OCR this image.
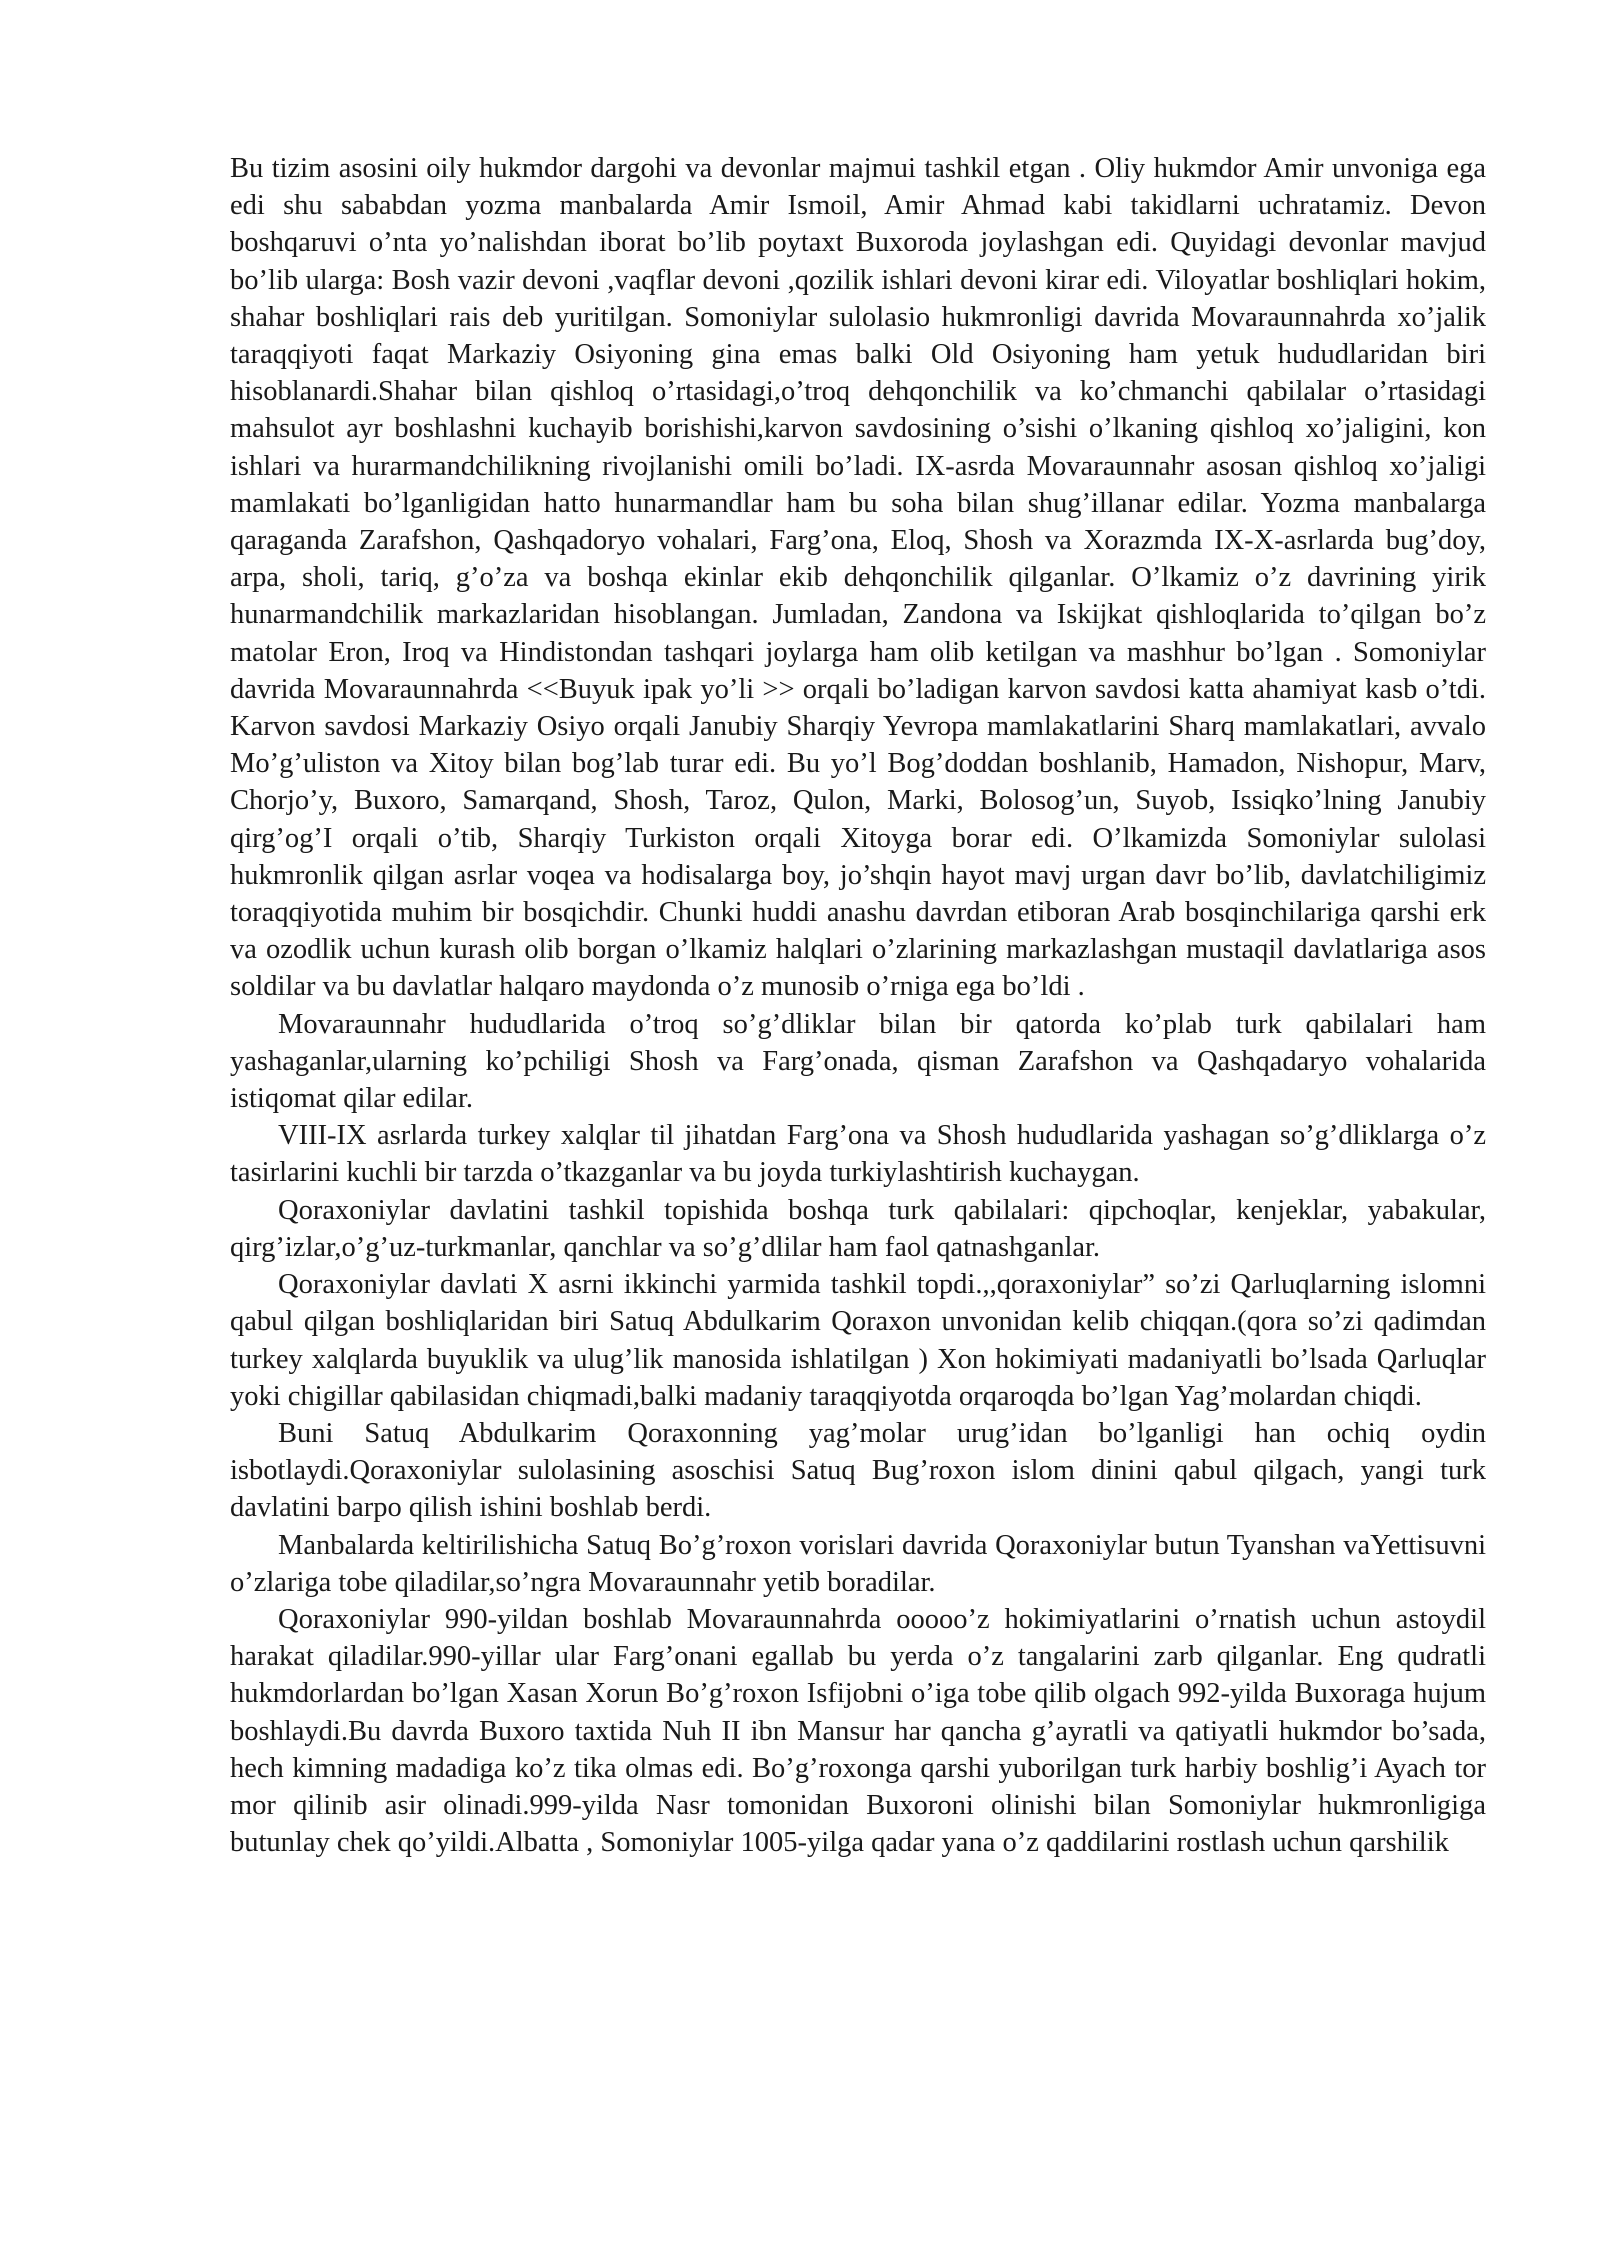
Bu tizim asosini oily hukmdor dargohi va devonlar majmui tashkil etgan . Oliy hukmdor Amir unvoniga ega edi shu sababdan yozma manbalarda Amir Ismoil, Amir Ahmad kabi takidlarni uchratamiz. Devon boshqaruvi o’nta yo’nalishdan iborat bo’lib poytaxt Buxoroda joylashgan edi. Quyidagi devonlar mavjud bo’lib ularga: Bosh vazir devoni ,vaqflar devoni ,qozilik ishlari devoni kirar edi. Viloyatlar boshliqlari hokim, shahar boshliqlari rais deb yuritilgan. Somoniylar sulolasio hukmronligi davrida Movaraunnahrda xo’jalik taraqqiyoti faqat Markaziy Osiyoning gina emas balki Old Osiyoning ham yetuk hududlaridan biri hisoblanardi.Shahar bilan qishloq o’rtasidagi,o’troq dehqonchilik va ko’chmanchi qabilalar o’rtasidagi mahsulot ayr boshlashni kuchayib borishishi,karvon savdosining o’sishi o’lkaning qishloq xo’jaligini, kon ishlari va hurarmandchilikning rivojlanishi omili bo’ladi. IX-asrda Movaraunnahr asosan qishloq xo’jaligi mamlakati bo’lganligidan hatto hunarmandlar ham bu soha bilan shug’illanar edilar. Yozma manbalarga qaraganda Zarafshon, Qashqadoryo vohalari, Farg’ona, Eloq, Shosh va Xorazmda IX-X-asrlarda bug’doy, arpa, sholi, tariq, g’o’za va boshqa ekinlar ekib dehqonchilik qilganlar. O’lkamiz o’z davrining yirik hunarmandchilik markazlaridan hisoblangan. Jumladan, Zandona va Iskijkat qishloqlarida to’qilgan bo’z matolar Eron, Iroq va Hindistondan tashqari joylarga ham olib ketilgan va mashhur bo’lgan . Somoniylar davrida Movaraunnahrda <<Buyuk ipak yo’li >> orqali bo’ladigan karvon savdosi katta ahamiyat kasb o’tdi. Karvon savdosi Markaziy Osiyo orqali Janubiy Sharqiy Yevropa mamlakatlarini Sharq mamlakatlari, avvalo Mo’g’uliston va Xitoy bilan bog’lab turar edi. Bu yo’l Bog’doddan boshlanib, Hamadon, Nishopur, Marv, Chorjo’y, Buxoro, Samarqand, Shosh, Taroz, Qulon, Marki, Bolosog’un, Suyob, Issiqko’lning Janubiy qirg’og’I orqali o’tib, Sharqiy Turkiston orqali Xitoyga borar edi. O’lkamizda Somoniylar sulolasi hukmronlik qilgan asrlar voqea va hodisalarga boy, jo’shqin hayot mavj urgan davr bo’lib, davlatchiligimiz toraqqiyotida muhim bir bosqichdir. Chunki huddi anashu davrdan etiboran Arab bosqinchilariga qarshi erk va ozodlik uchun kurash olib borgan o’lkamiz halqlari o’zlarining markazlashgan mustaqil davlatlariga asos soldilar va bu davlatlar halqaro maydonda o’z munosib o’rniga ega bo’ldi .

Movaraunnahr hududlarida o’troq so’g’dliklar bilan bir qatorda ko’plab turk qabilalari ham yashaganlar,ularning ko’pchiligi Shosh va Farg’onada, qisman Zarafshon va Qashqadaryo vohalarida istiqomat qilar edilar.

VIII-IX asrlarda turkey xalqlar til jihatdan Farg’ona va Shosh hududlarida yashagan so’g’dliklarga o’z tasirlarini kuchli bir tarzda o’tkazganlar va bu joyda turkiylashtirish kuchaygan.

Qoraxoniylar davlatini tashkil topishida boshqa turk qabilalari: qipchoqlar, kenjeklar, yabakular, qirg’izlar,o’g’uz-turkmanlar, qanchlar va so’g’dlilar ham faol qatnashganlar.

Qoraxoniylar davlati X asrni ikkinchi yarmida tashkil topdi.,,qoraxoniylar” so’zi Qarluqlarning islomni qabul qilgan boshliqlaridan biri Satuq Abdulkarim Qoraxon unvonidan kelib chiqqan.(qora so’zi qadimdan turkey xalqlarda buyuklik va ulug’lik manosida ishlatilgan ) Xon hokimiyati madaniyatli bo’lsada Qarluqlar yoki chigillar qabilasidan chiqmadi,balki madaniy taraqqiyotda orqaroqda bo’lgan Yag’molardan chiqdi.

Buni Satuq Abdulkarim Qoraxonning yag’molar urug’idan bo’lganligi han ochiq oydin isbotlaydi.Qoraxoniylar sulolasining asoschisi Satuq Bug’roxon islom dinini qabul qilgach, yangi turk davlatini barpo qilish ishini boshlab berdi.

Manbalarda keltirilishicha Satuq Bo’g’roxon vorislari davrida Qoraxoniylar butun Tyanshan vaYettisuvni o’zlariga tobe qiladilar,so’ngra Movaraunnahr yetib boradilar.

Qoraxoniylar 990-yildan boshlab Movaraunnahrda ooooo’z hokimiyatlarini o’rnatish uchun astoydil harakat qiladilar.990-yillar ular Farg’onani egallab bu yerda o’z tangalarini zarb qilganlar. Eng qudratli hukmdorlardan bo’lgan Xasan Xorun Bo’g’roxon Isfijobni o’iga tobe qilib olgach 992-yilda Buxoraga hujum boshlaydi.Bu davrda Buxoro taxtida Nuh II ibn Mansur har qancha g’ayratli va qatiyatli hukmdor bo’sada, hech kimning madadiga ko’z tika olmas edi. Bo’g’roxonga qarshi yuborilgan turk harbiy boshlig’i Ayach tor mor qilinib asir olinadi.999-yilda Nasr tomonidan Buxoroni olinishi bilan Somoniylar hukmronligiga butunlay chek qo’yildi.Albatta , Somoniylar 1005-yilga qadar yana o’z qaddilarini rostlash uchun qarshilik
